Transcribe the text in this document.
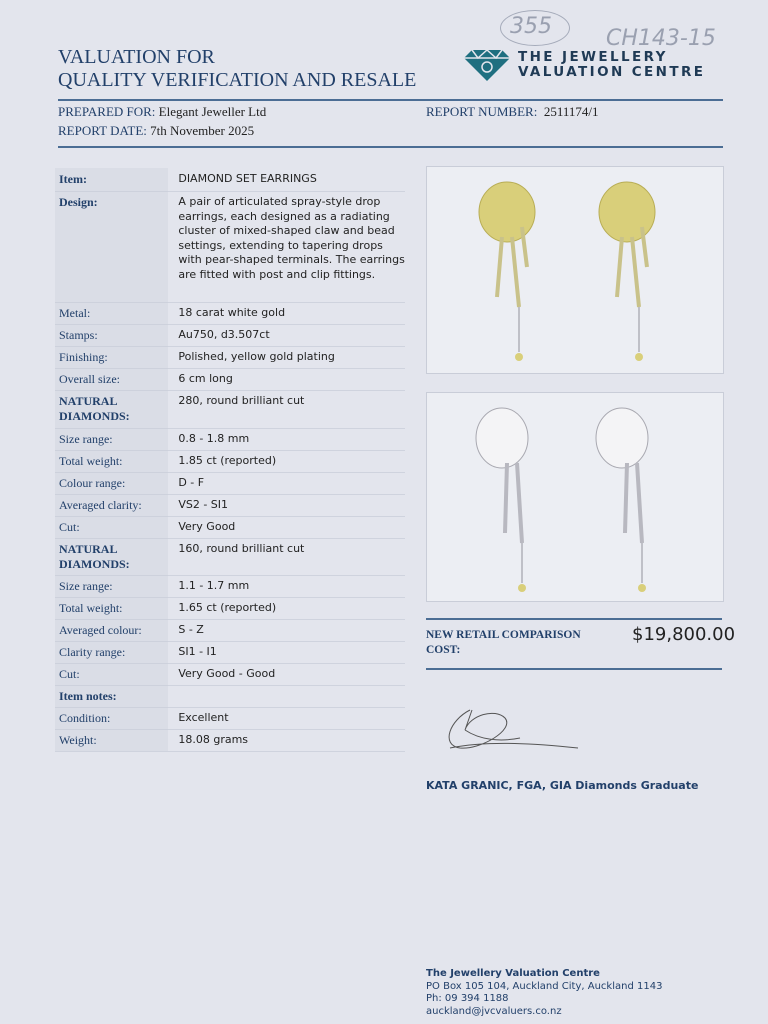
VALUATION FOR
QUALITY VERIFICATION AND RESALE
355 CH143-15
THE JEWELLERY
VALUATION CENTRE
PREPARED FOR: Elegant Jeweller Ltd
REPORT DATE: 7th November 2025
REPORT NUMBER: 2511174/1
Item:	DIAMOND SET EARRINGS
Design:	A pair of articulated spray-style drop earrings, each designed as a radiating cluster of mixed-shaped claw and bead settings, extending to tapering drops with pear-shaped terminals. The earrings are fitted with post and clip fittings.
Metal:	18 carat white gold
Stamps:	Au750, d3.507ct
Finishing:	Polished, yellow gold plating
Overall size:	6 cm long
NATURAL DIAMONDS:
280, round brilliant cut
Size range:	0.8 - 1.8 mm
Total weight:	1.85 ct (reported)
Colour range:	D - F
Averaged clarity:	VS2 - SI1
Cut:	Very Good
NATURAL DIAMONDS:
160, round brilliant cut
Size range:	1.1 - 1.7 mm
Total weight:	1.65 ct (reported)
Averaged colour:	S - Z
Clarity range:	SI1 - I1
Cut:	Very Good - Good
Item notes:
Condition:	Excellent
Weight:	18.08 grams
NEW RETAIL COMPARISON COST:
$19,800.00
KATA GRANIC, FGA, GIA Diamonds Graduate
The Jewellery Valuation Centre
PO Box 105 104, Auckland City, Auckland 1143
Ph: 09 394 1188
auckland@jvcvaluers.co.nz
